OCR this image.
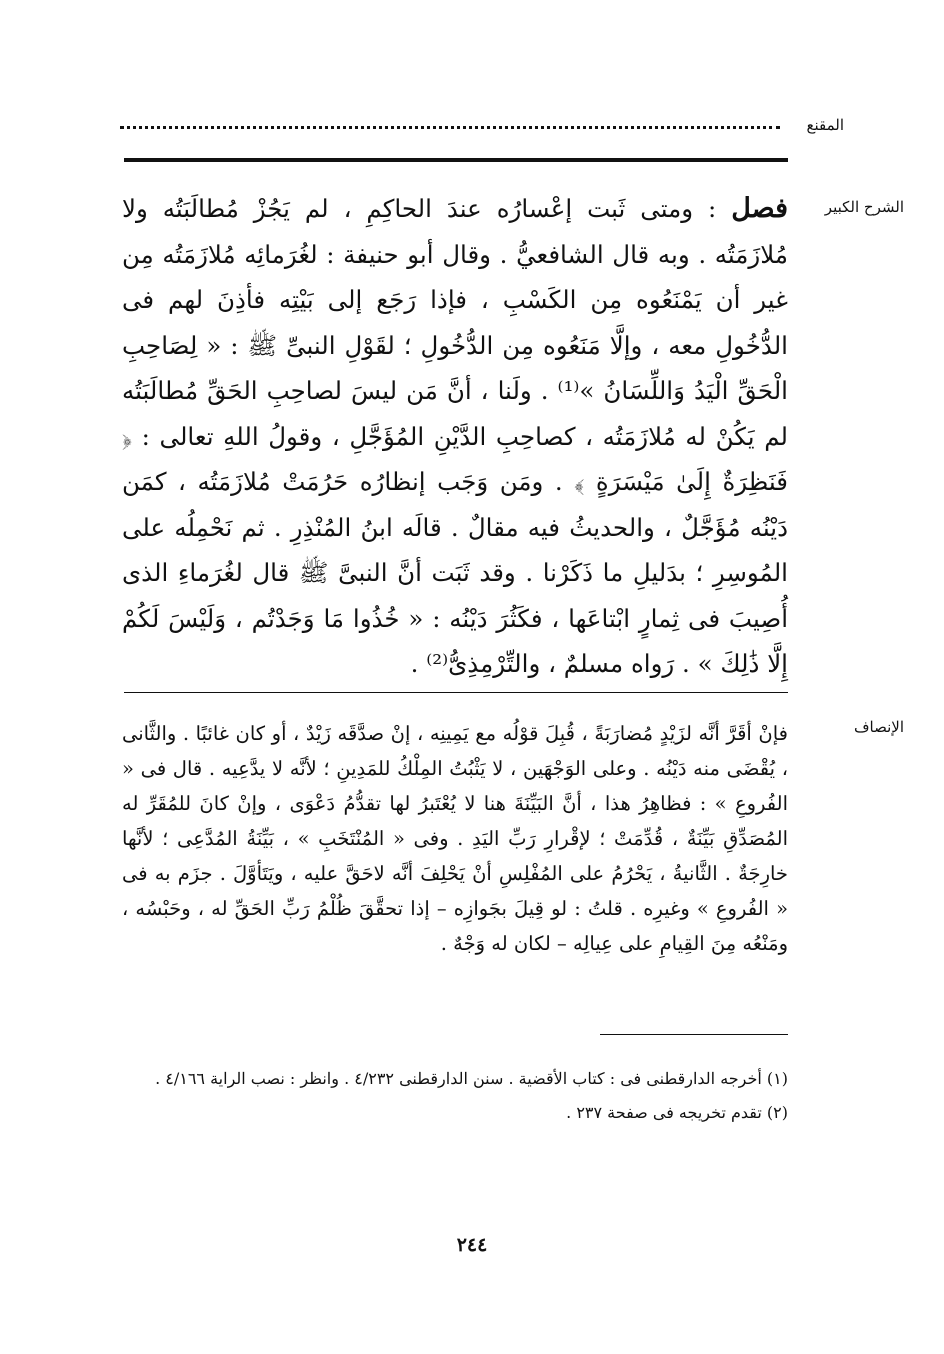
المقنع
الشرح الكبير

فصل : ومتى ثَبت إعْسارُه عندَ الحاكِمِ ، لم يَجُزْ مُطالَبَتُه ولا مُلازَمَتُه . وبه قال الشافعيُّ . وقال أبو حنيفة : لغُرَمائِه مُلازَمَتُه مِن غير أن يَمْنَعُوه مِن الكَسْبِ ، فإذا رَجَع إلى بَيْتِه فأذِنَ لهم فى الدُّخُولِ معه ، وإلَّا مَنَعُوه مِن الدُّخُولِ ؛ لقَوْلِ النبىِّ ﷺ : « لِصَاحِبِ الْحَقِّ الْيَدُ وَاللِّسَانُ »⁽¹⁾ . ولَنا ، أنَّ مَن ليسَ لصاحِبِ الحَقِّ مُطالَبَتُه لم يَكُنْ له مُلازَمَتُه ، كصاحِبِ الدَّيْنِ المُؤَجَّلِ ، وقولُ اللهِ تعالى : ﴿ فَنَظِرَةٌ إِلَىٰ مَيْسَرَةٍ ﴾ . ومَن وَجَب إنظارُه حَرُمَتْ مُلازَمَتُه ، كمَن دَيْنُه مُؤَجَّلٌ ، والحديثُ فيه مقالٌ . قالَه ابنُ المُنْذِرِ . ثم نَحْمِلُه على المُوسِرِ ؛ بدَليلِ ما ذَكَرْنا . وقد ثَبَت أنَّ النبىَّ ﷺ قال لغُرَماءِ الذى أُصِيبَ فى ثِمارٍ ابْتاعَها ، فكَثُرَ دَيْنُه : « خُذُوا مَا وَجَدْتُم ، وَلَيْسَ لَكُمْ إِلَّا ذَٰلِكَ » . رَواه مسلمٌ ، والتِّرْمِذِىُّ⁽²⁾ .

الإنصاف

فإنْ أقَرَّ أنَّه لزَيْدٍ مُضارَبَةً ، قُبِلَ قوْلُه مع يَمِينِه ، إنْ صدَّقَه زَيْدٌ ، أو كان غائبًا . والثَّانى ، يُقْضَى منه دَيْنُه . وعلى الوَجْهَين ، لا يَثْبُتُ المِلْكُ للمَدِينِ ؛ لأنَّه لا يدَّعِيه . قال فى « الفُروعِ » : فظاهِرُ هذا ، أنَّ البَيِّنَةَ هنا لا يُعْتَبرُ لها تقدُّمُ دَعْوَى ، وإنْ كانَ للمُقَرِّ له المُصَدِّقِ بَيِّنَةٌ ، قُدِّمَتْ ؛ لإقْرارِ رَبِّ اليَدِ . وفى « المُنْتَخَبِ » ، بَيِّنَةُ المُدَّعِى ؛ لأنَّها خارِجَةٌ . الثَّانيةُ ، يَحْرُمُ على المُفْلِسِ أنْ يَحْلِفَ أنَّه لاحَقَّ عليه ، ويَتَأوَّلَ . جزَم به فى « الفُروعِ » وغيرِه . قلتُ : لو قِيلَ بجَوازِه – إذا تحقَّقَ ظُلْمُ رَبِّ الحَقِّ له ، وحَبْسُه ، ومَنْعُه مِنَ القِيامِ على عِيالِه – لكان له وَجْهٌ .

(١) أخرجه الدارقطنى فى : كتاب الأقضية . سنن الدارقطنى ٤/٢٣٢ . وانظر : نصب الراية ٤/١٦٦ .

(٢) تقدم تخريجه فى صفحة ٢٣٧ .

٢٤٤
